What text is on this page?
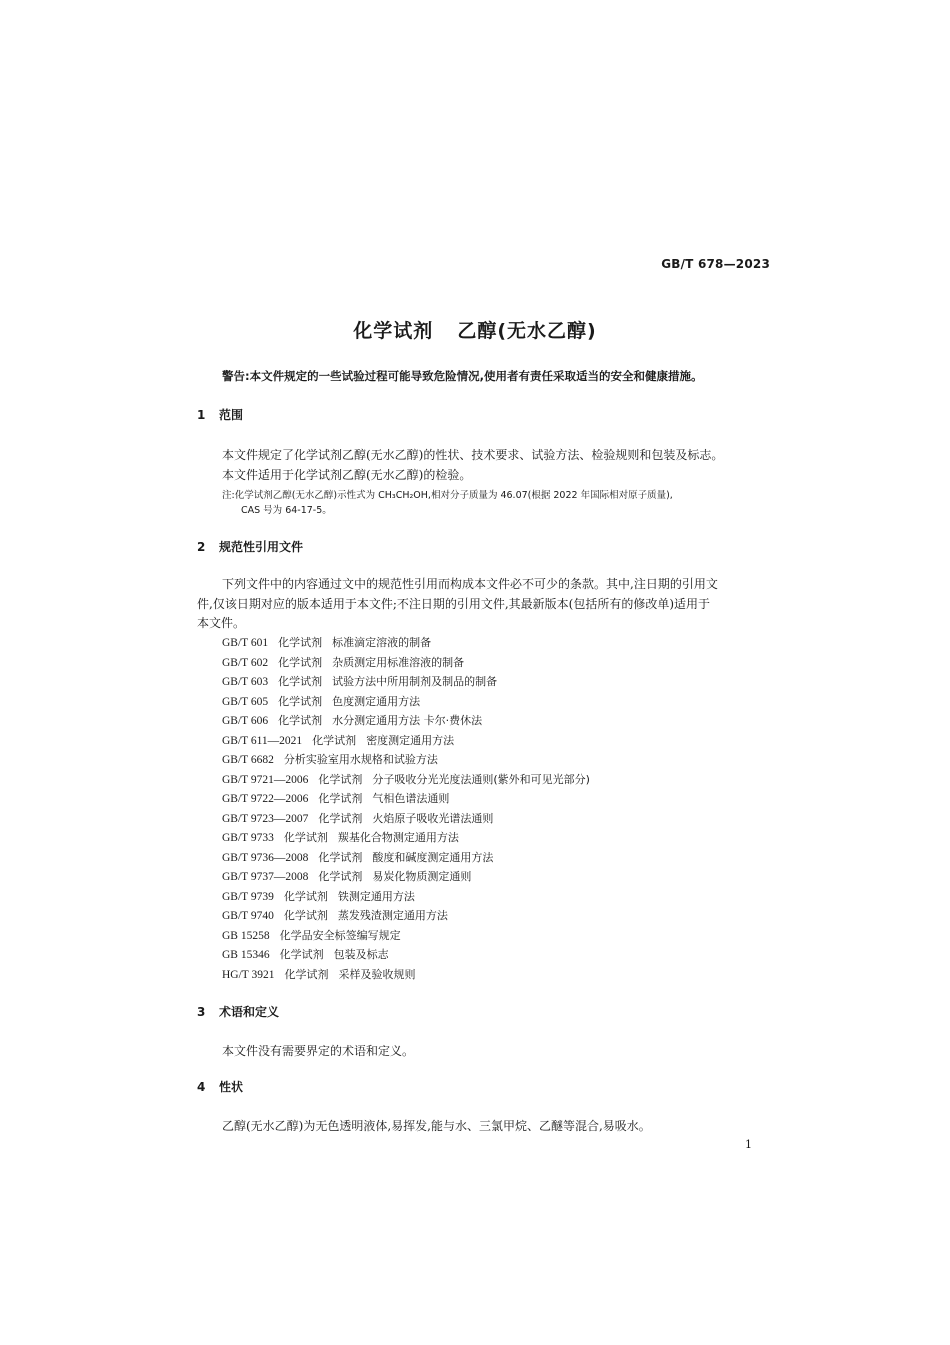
GB/T 678—2023
化学试剂 乙醇(无水乙醇)
警告:本文件规定的一些试验过程可能导致危险情况,使用者有责任采取适当的安全和健康措施。
1 范围
本文件规定了化学试剂乙醇(无水乙醇)的性状、技术要求、试验方法、检验规则和包装及标志。
本文件适用于化学试剂乙醇(无水乙醇)的检验。
注:化学试剂乙醇(无水乙醇)示性式为 CH₃CH₂OH,相对分子质量为 46.07(根据 2022 年国际相对原子质量),
CAS 号为 64-17-5。
2 规范性引用文件
下列文件中的内容通过文中的规范性引用而构成本文件必不可少的条款。其中,注日期的引用文
件,仅该日期对应的版本适用于本文件;不注日期的引用文件,其最新版本(包括所有的修改单)适用于
本文件。
GB/T 601 化学试剂 标准滴定溶液的制备
GB/T 602 化学试剂 杂质测定用标准溶液的制备
GB/T 603 化学试剂 试验方法中所用制剂及制品的制备
GB/T 605 化学试剂 色度测定通用方法
GB/T 606 化学试剂 水分测定通用方法 卡尔·费休法
GB/T 611—2021 化学试剂 密度测定通用方法
GB/T 6682 分析实验室用水规格和试验方法
GB/T 9721—2006 化学试剂 分子吸收分光光度法通则(紫外和可见光部分)
GB/T 9722—2006 化学试剂 气相色谱法通则
GB/T 9723—2007 化学试剂 火焰原子吸收光谱法通则
GB/T 9733 化学试剂 羰基化合物测定通用方法
GB/T 9736—2008 化学试剂 酸度和碱度测定通用方法
GB/T 9737—2008 化学试剂 易炭化物质测定通则
GB/T 9739 化学试剂 铁测定通用方法
GB/T 9740 化学试剂 蒸发残渣测定通用方法
GB 15258 化学品安全标签编写规定
GB 15346 化学试剂 包装及标志
HG/T 3921 化学试剂 采样及验收规则
3 术语和定义
本文件没有需要界定的术语和定义。
4 性状
乙醇(无水乙醇)为无色透明液体,易挥发,能与水、三氯甲烷、乙醚等混合,易吸水。
1
